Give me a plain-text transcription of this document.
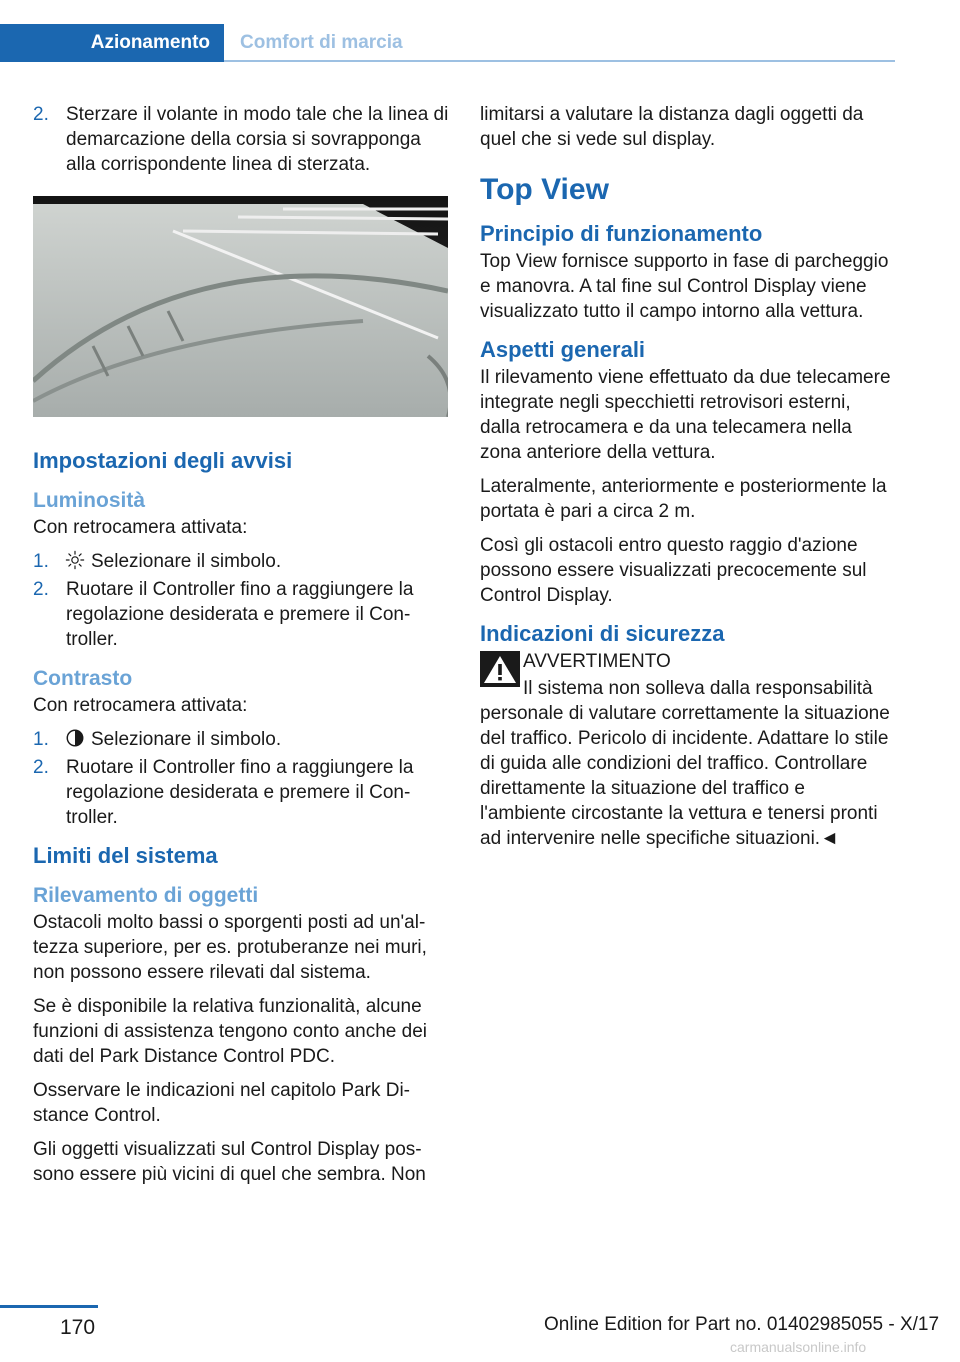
Azionamento	Comfort di marcia
2. Sterzare il volante in modo tale che la linea di demarcazione della corsia si sovrapponga alla corrispondente linea di sterzata.
Impostazioni degli avvisi
Luminosità

Con retrocamera attivata:

1. Selezionare il simbolo.
2. Ruotare il Controller fino a raggiungere la regolazione desiderata e premere il Controller.
Contrasto

Con retrocamera attivata:

1. Selezionare il simbolo.
2. Ruotare il Controller fino a raggiungere la regolazione desiderata e premere il Controller.
Limiti del sistema
Rilevamento di oggetti

Ostacoli molto bassi o sporgenti posti ad un'altezza superiore, per es. protuberanze nei muri, non possono essere rilevati dal sistema.

Se è disponibile la relativa funzionalità, alcune funzioni di assistenza tengono conto anche dei dati del Park Distance Control PDC.

Osservare le indicazioni nel capitolo Park Distance Control.

Gli oggetti visualizzati sul Control Display possono essere più vicini di quel che sembra. Non

limitarsi a valutare la distanza dagli oggetti da quel che si vede sul display.

Top View
Principio di funzionamento

Top View fornisce supporto in fase di parcheggio e manovra. A tal fine sul Control Display viene visualizzato tutto il campo intorno alla vettura.

Aspetti generali

Il rilevamento viene effettuato da due telecamere integrate negli specchietti retrovisori esterni, dalla retrocamera e da una telecamera nella zona anteriore della vettura.

Lateralmente, anteriormente e posteriormente la portata è pari a circa 2 m.

Così gli ostacoli entro questo raggio d'azione possono essere visualizzati precocemente sul Control Display.

Indicazioni di sicurezza

AVVERTIMENTO

Il sistema non solleva dalla responsabilità personale di valutare correttamente la situazione del traffico. Pericolo di incidente. Adattare lo stile di guida alle condizioni del traffico. Controllare direttamente la situazione del traffico e l'ambiente circostante la vettura e tenersi pronti ad intervenire nelle specifiche situazioni.◄

170	Online Edition for Part no. 01402985055 - X/17
carmanualsonline.info
